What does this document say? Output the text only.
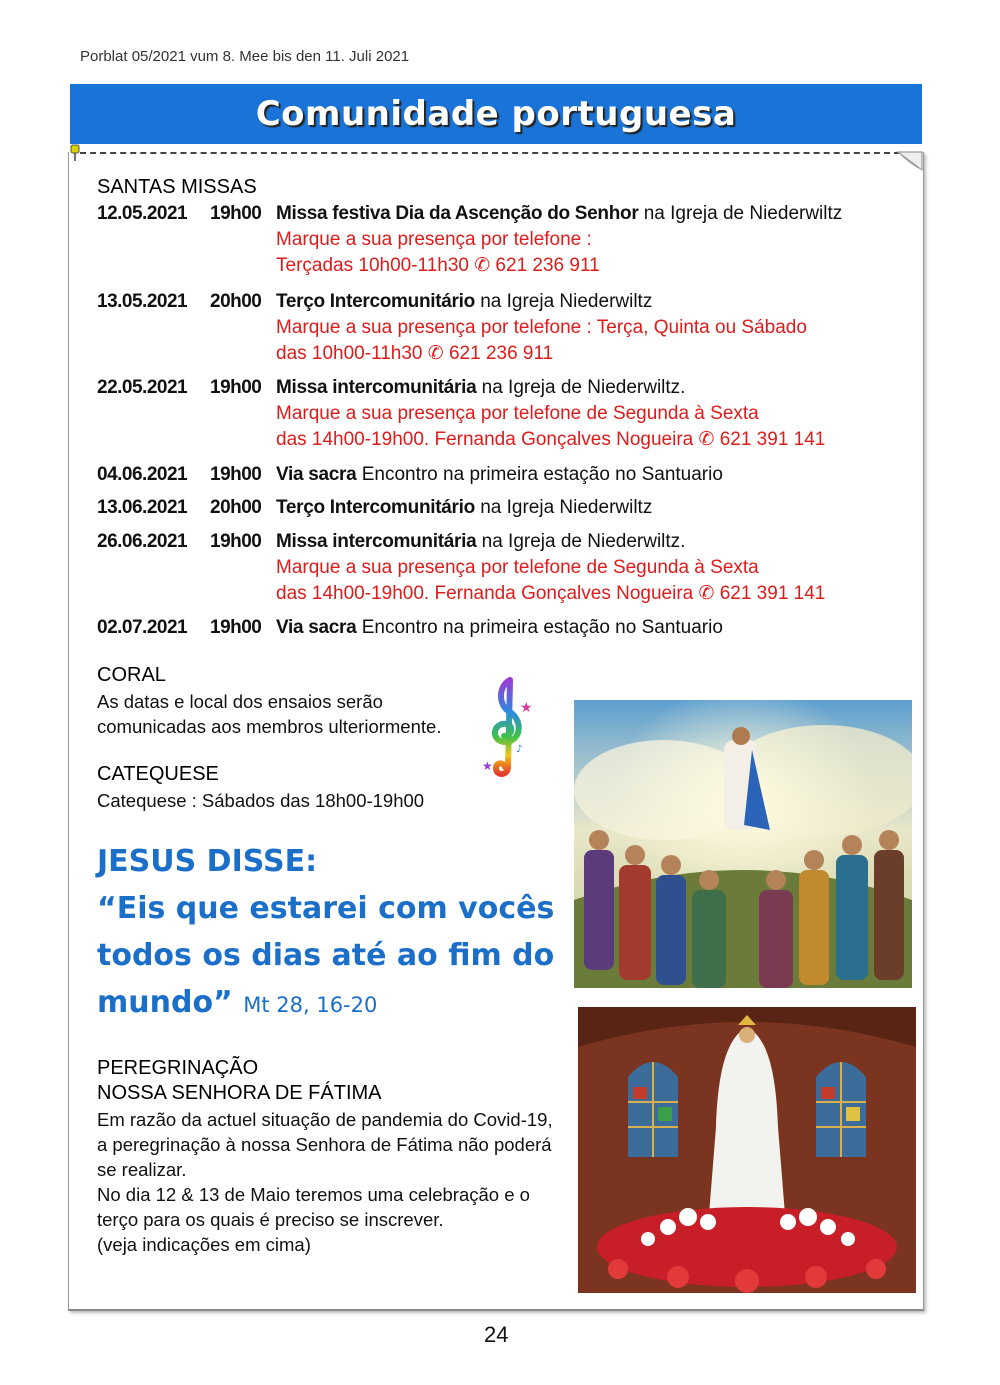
Porblat 05/2021 vum 8. Mee bis den 11. Juli 2021
Comunidade portuguesa
SANTAS MISSAS
12.05.2021	19h00 Missa festiva Dia da Ascenção do Senhor na Igreja de Niederwiltz
Marque a sua presença por telefone :
Terçadas 10h00-11h30 ✆ 621 236 911
13.05.2021	20h00 Terço Intercomunitário na Igreja Niederwiltz
Marque a sua presença por telefone : Terça, Quinta ou Sábado
das 10h00-11h30 ✆ 621 236 911
22.05.2021	19h00 Missa intercomunitária na Igreja de Niederwiltz.
Marque a sua presença por telefone de Segunda à Sexta
das 14h00-19h00. Fernanda Gonçalves Nogueira ✆ 621 391 141
04.06.2021	19h00 Via sacra Encontro na primeira estação no Santuario
13.06.2021	20h00 Terço Intercomunitário na Igreja Niederwiltz
26.06.2021	19h00 Missa intercomunitária na Igreja de Niederwiltz.
Marque a sua presença por telefone de Segunda à Sexta
das 14h00-19h00. Fernanda Gonçalves Nogueira ✆ 621 391 141
02.07.2021	19h00 Via sacra Encontro na primeira estação no Santuario
CORAL
As datas e local dos ensaios serão
comunicadas aos membros ulteriormente.
★
★
♪
CATEQUESE
Catequese : Sábados das 18h00-19h00
JESUS DISSE:
“Eis que estarei com vocês
todos os dias até ao fim do
mundo” Mt 28, 16-20
PEREGRINAÇÃO
NOSSA SENHORA DE FÁTIMA
Em razão da actuel situação de pandemia do Covid-19,
a peregrinação à nossa Senhora de Fátima não poderá
se realizar.
No dia 12 & 13 de Maio teremos uma celebração e o
terço para os quais é preciso se inscrever.
(veja indicações em cima)
24
